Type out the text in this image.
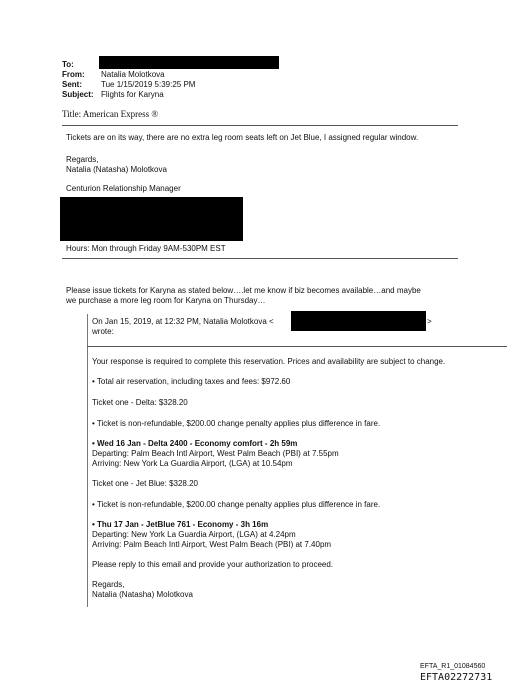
To:
From: Natalia Molotkova
Sent: Tue 1/15/2019 5:39:25 PM
Subject: Flights for Karyna
Title: American Express ®
Tickets are on its way, there are no extra leg room seats left on Jet Blue, I assigned regular window.
Regards,
Natalia (Natasha) Molotkova
Centurion Relationship Manager
Hours: Mon through Friday 9AM-530PM EST
Please issue tickets for Karyna as stated below….let me know if biz becomes available…and maybe
we purchase a more leg room for Karyna on Thursday…
On Jan 15, 2019, at 12:32 PM, Natalia Molotkova <	>
wrote:
Your response is required to complete this reservation. Prices and availability are subject to change.
• Total air reservation, including taxes and fees: $972.60
Ticket one - Delta: $328.20
• Ticket is non-refundable, $200.00 change penalty applies plus difference in fare.
• Wed 16 Jan - Delta 2400 - Economy comfort - 2h 59m
Departing: Palm Beach Intl Airport, West Palm Beach (PBI) at 7.55pm
Arriving: New York La Guardia Airport, (LGA) at 10.54pm
Ticket one - Jet Blue: $328.20
• Ticket is non-refundable, $200.00 change penalty applies plus difference in fare.
• Thu 17 Jan - JetBlue 761 - Economy - 3h 16m
Departing: New York La Guardia Airport, (LGA) at 4.24pm
Arriving: Palm Beach Intl Airport, West Palm Beach (PBI) at 7.40pm
Please reply to this email and provide your authorization to proceed.
Regards,
Natalia (Natasha) Molotkova
EFTA_R1_01084560
EFTA02272731
